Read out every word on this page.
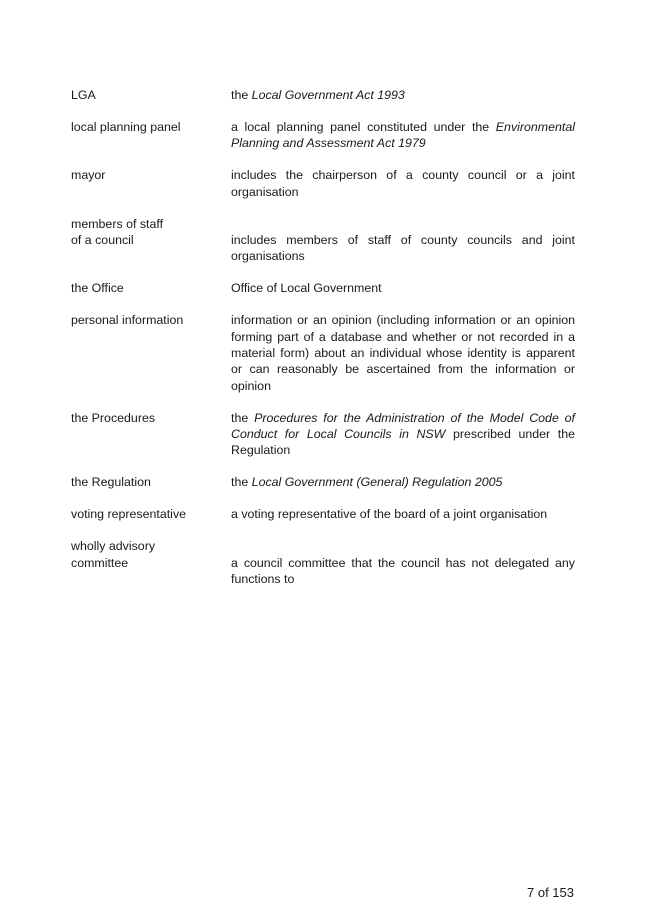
LGA	the Local Government Act 1993
local planning panel	a local planning panel constituted under the Environmental Planning and Assessment Act 1979
mayor	includes the chairperson of a county council or a joint organisation
members of staff
of a council	includes members of staff of county councils and joint organisations
the Office	Office of Local Government
personal information	information or an opinion (including information or an opinion forming part of a database and whether or not recorded in a material form) about an individual whose identity is apparent or can reasonably be ascertained from the information or opinion
the Procedures	the Procedures for the Administration of the Model Code of Conduct for Local Councils in NSW prescribed under the Regulation
the Regulation	the Local Government (General) Regulation 2005
voting representative	a voting representative of the board of a joint organisation
wholly advisory
committee	a council committee that the council has not delegated any functions to
7 of 153
